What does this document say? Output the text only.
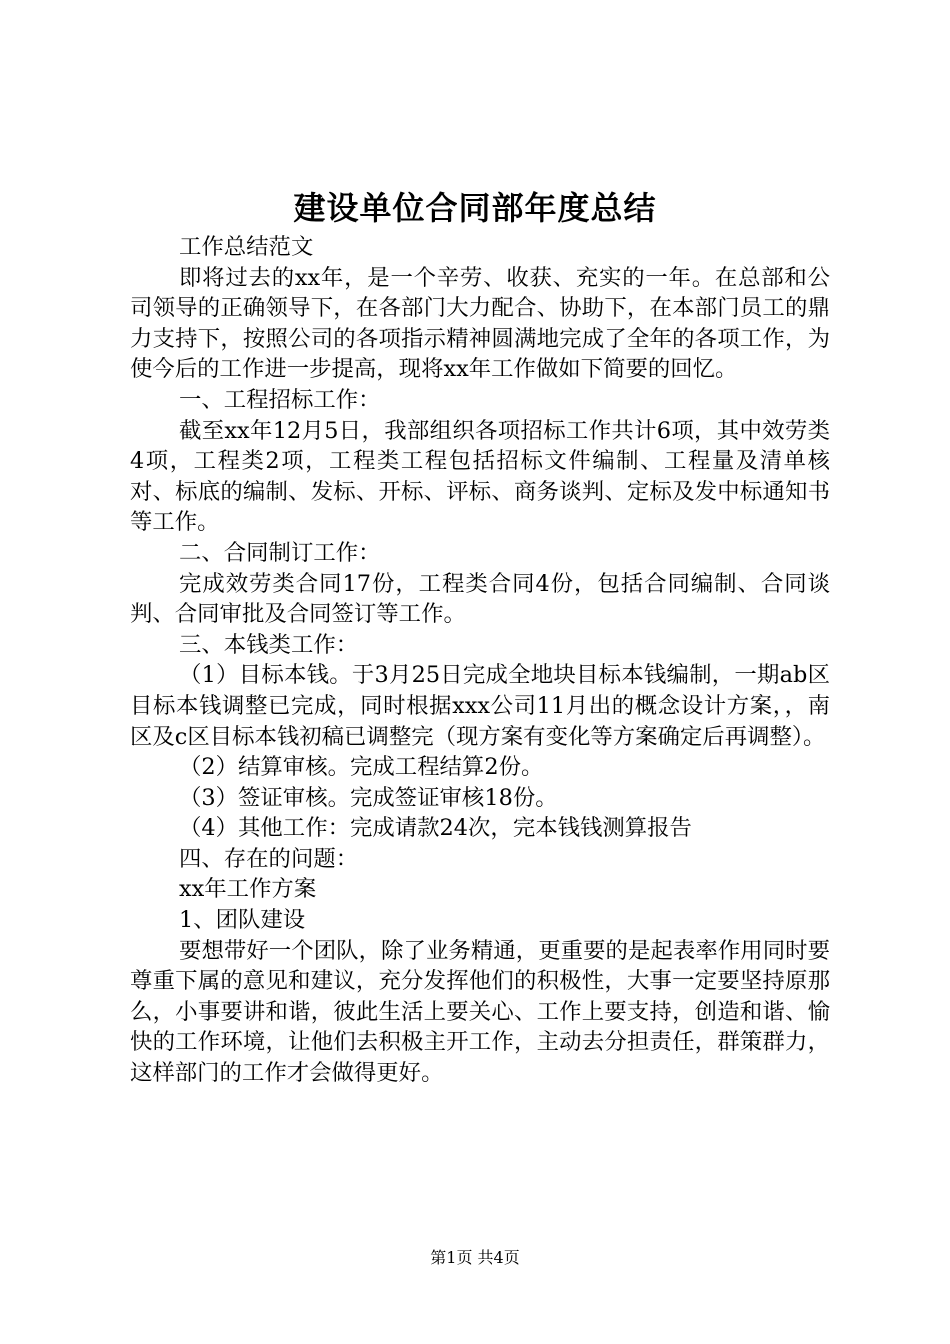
建设单位合同部年度总结

工作总结范文

即将过去的xx年，是一个辛劳、收获、充实的一年。在总部和公司领导的正确领导下，在各部门大力配合、协助下，在本部门员工的鼎力支持下，按照公司的各项指示精神圆满地完成了全年的各项工作，为使今后的工作进一步提高，现将xx年工作做如下简要的回忆。

一、工程招标工作：

截至xx年12月5日，我部组织各项招标工作共计6项，其中效劳类4项，工程类2项，工程类工程包括招标文件编制、工程量及清单核对、标底的编制、发标、开标、评标、商务谈判、定标及发中标通知书等工作。

二、合同制订工作：

完成效劳类合同17份，工程类合同4份，包括合同编制、合同谈判、合同审批及合同签订等工作。

三、本钱类工作：

（1）目标本钱。于3月25日完成全地块目标本钱编制，一期ab区目标本钱调整已完成，同时根据xxx公司11月出的概念设计方案，，南区及c区目标本钱初稿已调整完（现方案有变化等方案确定后再调整）。

（2）结算审核。完成工程结算2份。

（3）签证审核。完成签证审核18份。

（4）其他工作：完成请款24次，完本钱钱测算报告

四、存在的问题：

xx年工作方案

1、团队建设

要想带好一个团队，除了业务精通，更重要的是起表率作用同时要尊重下属的意见和建议，充分发挥他们的积极性，大事一定要坚持原那么，小事要讲和谐，彼此生活上要关心、工作上要支持，创造和谐、愉快的工作环境，让他们去积极主开工作，主动去分担责任，群策群力，这样部门的工作才会做得更好。

第1页 共4页
